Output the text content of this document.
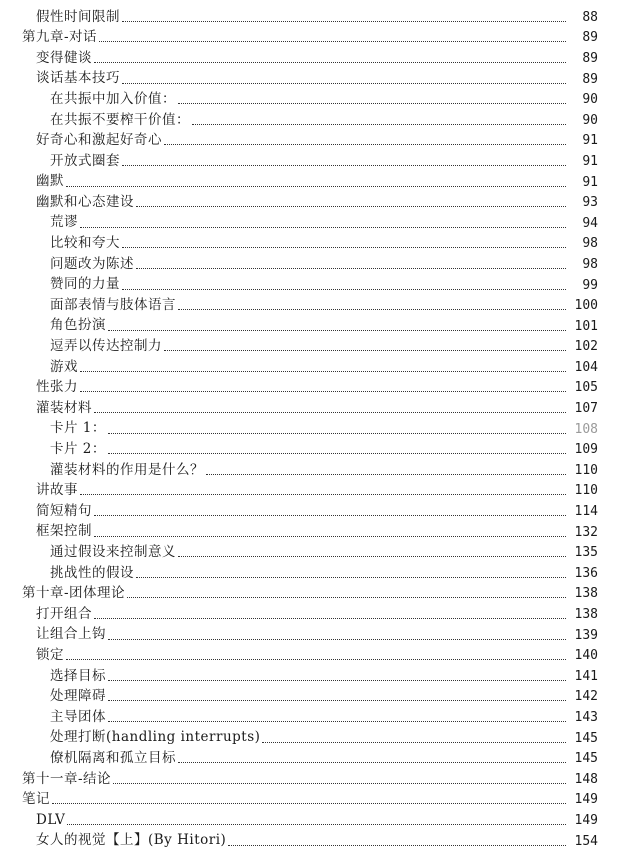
假性时间限制	88
第九章-对话	89
变得健谈	89
谈话基本技巧	89
在共振中加入价值：	90
在共振不要榨干价值：	90
好奇心和激起好奇心	91
开放式圈套	91
幽默	91
幽默和心态建设	93
荒谬	94
比较和夸大	98
问题改为陈述	98
赞同的力量	99
面部表情与肢体语言	100
角色扮演	101
逗弄以传达控制力	102
游戏	104
性张力	105
灌装材料	107
卡片 1：	108
卡片 2：	109
灌装材料的作用是什么？	110
讲故事	110
简短精句	114
框架控制	132
通过假设来控制意义	135
挑战性的假设	136
第十章-团体理论	138
打开组合	138
让组合上钩	139
锁定	140
选择目标	141
处理障碍	142
主导团体	143
处理打断(handling interrupts)	145
僚机隔离和孤立目标	145
第十一章-结论	148
笔记	149
DLV	149
女人的视觉【上】(By Hitori)	154
